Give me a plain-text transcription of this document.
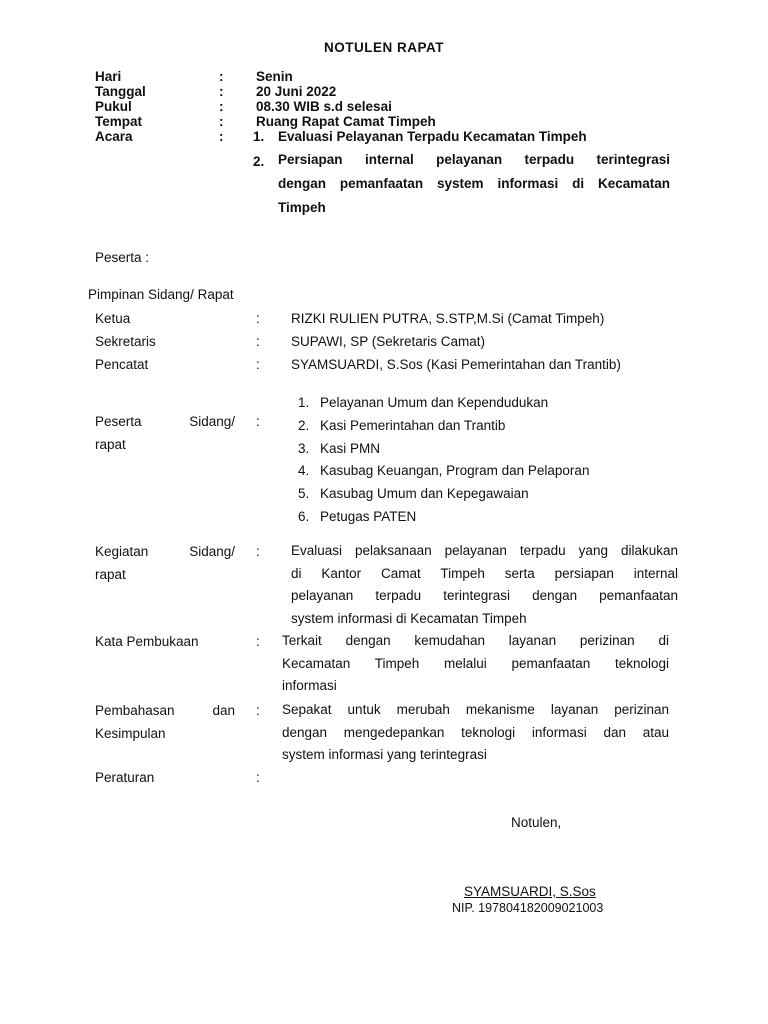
NOTULEN RAPAT
Hari	: Senin
Tanggal	: 20 Juni 2022
Pukul	: 08.30 WIB s.d selesai
Tempat	: Ruang Rapat Camat Timpeh
Acara	: 1. Evaluasi Pelayanan Terpadu Kecamatan Timpeh
2. Persiapan internal pelayanan terpadu terintegrasi
dengan pemanfaatan system informasi di Kecamatan
Timpeh
Peserta :
Pimpinan Sidang/ Rapat
Ketua	: RIZKI RULIEN PUTRA, S.STP,M.Si (Camat Timpeh)
Sekretaris	: SUPAWI, SP (Sekretaris Camat)
Pencatat	: SYAMSUARDI, S.Sos (Kasi Pemerintahan dan Trantib)
Peserta Sidang/
rapat
:
1. Pelayanan Umum dan Kependudukan
2. Kasi Pemerintahan dan Trantib
3. Kasi PMN
4. Kasubag Keuangan, Program dan Pelaporan
5. Kasubag Umum dan Kepegawaian
6. Petugas PATEN
Kegiatan Sidang/
rapat
: Evaluasi pelaksanaan pelayanan terpadu yang dilakukan
di Kantor Camat Timpeh serta persiapan internal
pelayanan terpadu terintegrasi dengan pemanfaatan
system informasi di Kecamatan Timpeh
Kata Pembukaan	: Terkait dengan kemudahan layanan perizinan di
Kecamatan Timpeh melalui pemanfaatan teknologi
informasi
Pembahasan dan
Kesimpulan
: Sepakat untuk merubah mekanisme layanan perizinan
dengan mengedepankan teknologi informasi dan atau
system informasi yang terintegrasi
Peraturan	:
Notulen,
SYAMSUARDI, S.Sos
NIP. 197804182009021003
